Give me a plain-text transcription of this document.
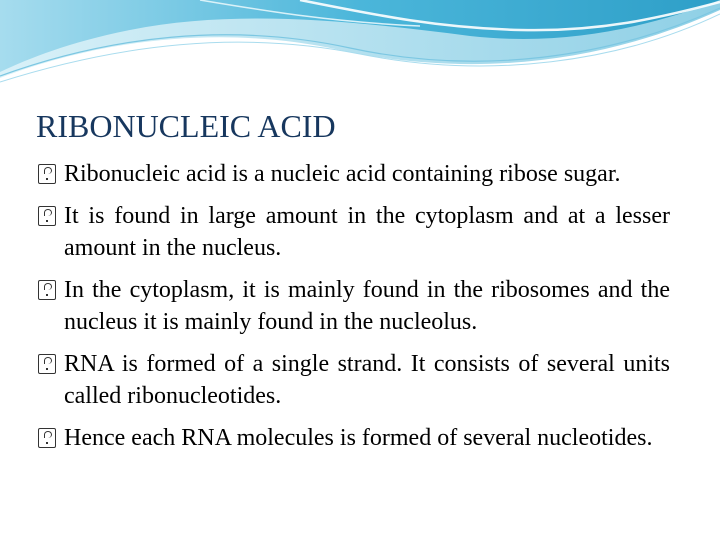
RIBONUCLEIC ACID
Ribonucleic acid is a nucleic acid containing ribose sugar.
It is found in large amount in the cytoplasm and at a lesser amount in the nucleus.
In the cytoplasm, it is mainly found in the ribosomes and the nucleus it is mainly found in the nucleolus.
RNA is formed of a single strand. It consists of several units called ribonucleotides.
Hence each RNA molecules is formed of several nucleotides.
